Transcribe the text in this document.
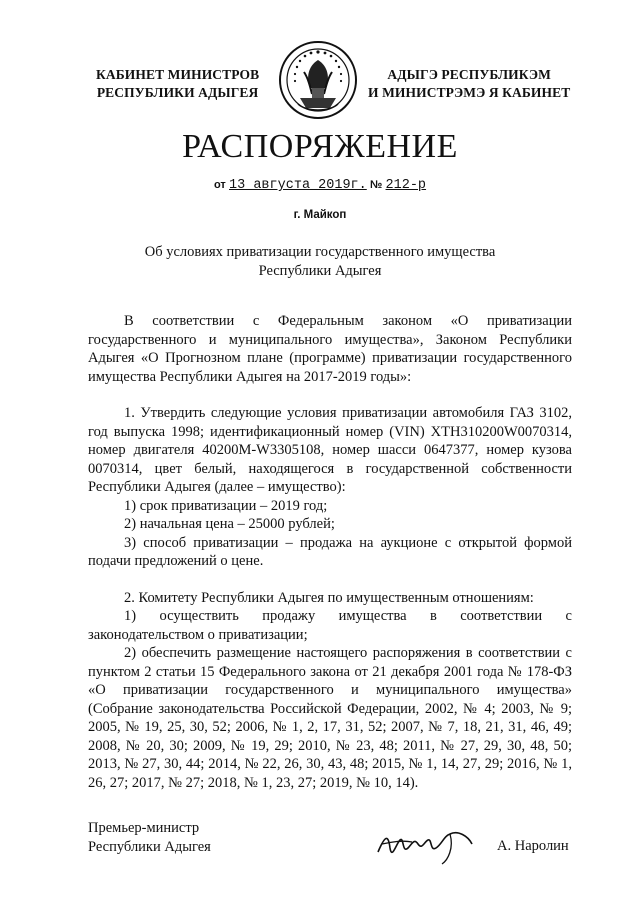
КАБИНЕТ МИНИСТРОВ
РЕСПУБЛИКИ АДЫГЕЯ
АДЫГЭ РЕСПУБЛИКЭМ
И МИНИСТРЭМЭ Я КАБИНЕТ
РАСПОРЯЖЕНИЕ
от 13 августа 2019г. № 212-р
г. Майкоп
Об условиях приватизации государственного имущества
Республики Адыгея

В соответствии с Федеральным законом «О приватизации государственного и муниципального имущества», Законом Республики Адыгея «О Прогнозном плане (программе) приватизации государственного имущества Республики Адыгея на 2017-2019 годы»:

1. Утвердить следующие условия приватизации автомобиля ГАЗ 3102, год выпуска 1998; идентификационный номер (VIN) ХТН310200W0070314, номер двигателя 40200М-W3305108, номер шасси 0647377, номер кузова 0070314, цвет белый, находящегося в государственной собственности Республики Адыгея (далее – имущество):

1) срок приватизации – 2019 год;

2) начальная цена – 25000 рублей;

3) способ приватизации – продажа на аукционе с открытой формой подачи предложений о цене.

2. Комитету Республики Адыгея по имущественным отношениям:

1) осуществить продажу имущества в соответствии с законодательством о приватизации;

2) обеспечить размещение настоящего распоряжения в соответствии с пунктом 2 статьи 15 Федерального закона от 21 декабря 2001 года № 178-ФЗ «О приватизации государственного и муниципального имущества» (Собрание законодательства Российской Федерации, 2002, № 4; 2003, № 9; 2005, № 19, 25, 30, 52; 2006, № 1, 2, 17, 31, 52; 2007, № 7, 18, 21, 31, 46, 49; 2008, № 20, 30; 2009, № 19, 29; 2010, № 23, 48; 2011, № 27, 29, 30, 48, 50; 2013, № 27, 30, 44; 2014, № 22, 26, 30, 43, 48; 2015, № 1, 14, 27, 29; 2016, № 1, 26, 27; 2017, № 27; 2018, № 1, 23, 27; 2019, № 10, 14).

Премьер-министр
Республики Адыгея	А. Наролин
